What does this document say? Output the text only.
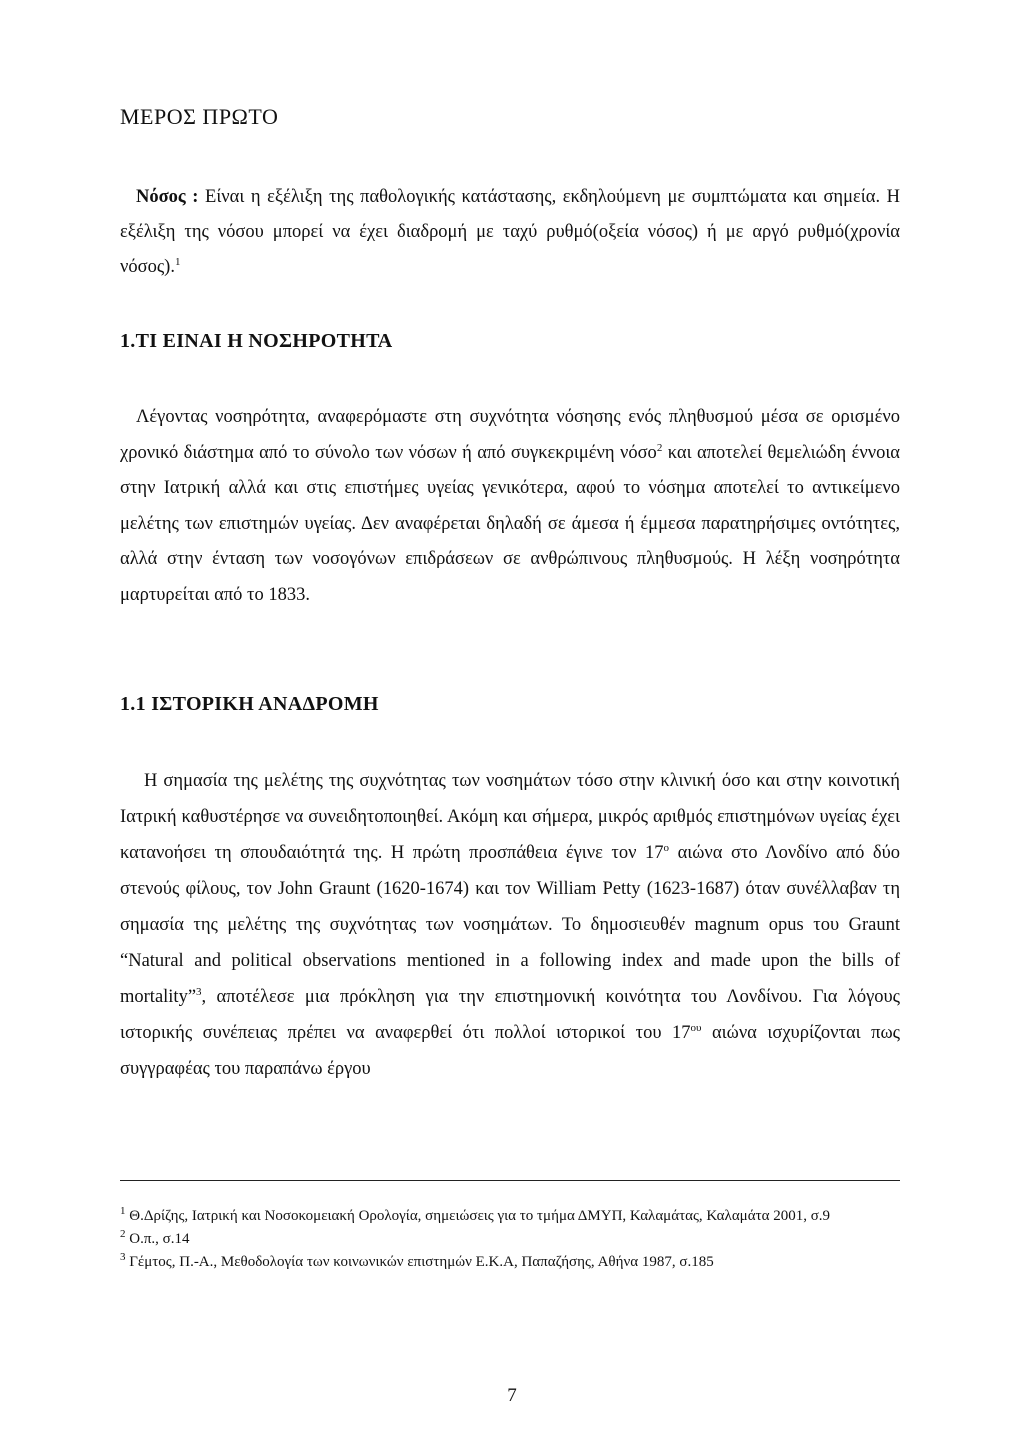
ΜΕΡΟΣ ΠΡΩΤΟ

Νόσος : Είναι η εξέλιξη της παθολογικής κατάστασης, εκδηλούμενη με συμπτώματα και σημεία. Η εξέλιξη της νόσου μπορεί να έχει διαδρομή με ταχύ ρυθμό(οξεία νόσος) ή με αργό ρυθμό(χρονία νόσος).$^1$

1.ΤΙ ΕΙΝΑΙ Η ΝΟΣΗΡΟΤΗΤΑ

Λέγοντας νοσηρότητα, αναφερόμαστε στη συχνότητα νόσησης ενός πληθυσμού μέσα σε ορισμένο χρονικό διάστημα από το σύνολο των νόσων ή από συγκεκριμένη νόσο$^2$ και αποτελεί θεμελιώδη έννοια στην Ιατρική αλλά και στις επιστήμες υγείας γενικότερα, αφού το νόσημα αποτελεί το αντικείμενο μελέτης των επιστημών υγείας. Δεν αναφέρεται δηλαδή σε άμεσα ή έμμεσα παρατηρήσιμες οντότητες, αλλά στην ένταση των νοσογόνων επιδράσεων σε ανθρώπινους πληθυσμούς. Η λέξη νοσηρότητα μαρτυρείται από το 1833.

1.1 ΙΣΤΟΡΙΚΗ ΑΝΑΔΡΟΜΗ

Η σημασία της μελέτης της συχνότητας των νοσημάτων τόσο στην κλινική όσο και στην κοινοτική Ιατρική καθυστέρησε να συνειδητοποιηθεί. Ακόμη και σήμερα, μικρός αριθμός επιστημόνων υγείας έχει κατανοήσει τη σπουδαιότητά της. Η πρώτη προσπάθεια έγινε τον $17^o$ αιώνα στο Λονδίνο από δύο στενούς φίλους, τον John Graunt (1620-1674) και τον William Petty (1623-1687) όταν συνέλλαβαν τη σημασία της μελέτης της συχνότητας των νοσημάτων. Το δημοσιευθέν magnum opus του Graunt “Natural and political observations mentioned in a following index and made upon the bills of mortality”$^3$, αποτέλεσε μια πρόκληση για την επιστημονική κοινότητα του Λονδίνου. Για λόγους ιστορικής συνέπειας πρέπει να αναφερθεί ότι πολλοί ιστορικοί του $17^{o\upsilon}$ αιώνα ισχυρίζονται πως συγγραφέας του παραπάνω έργου

$^1$ Θ.Δρίζης, Ιατρική και Νοσοκομειακή Ορολογία, σημειώσεις για το τμήμα ΔΜΥΠ, Καλαμάτας, Καλαμάτα 2001, σ.9

$^2$ Ο.π., σ.14

$^3$ Γέμτος, Π.-Α., Μεθοδολογία των κοινωνικών επιστημών Ε.Κ.Α, Παπαζήσης, Αθήνα 1987, σ.185

7
